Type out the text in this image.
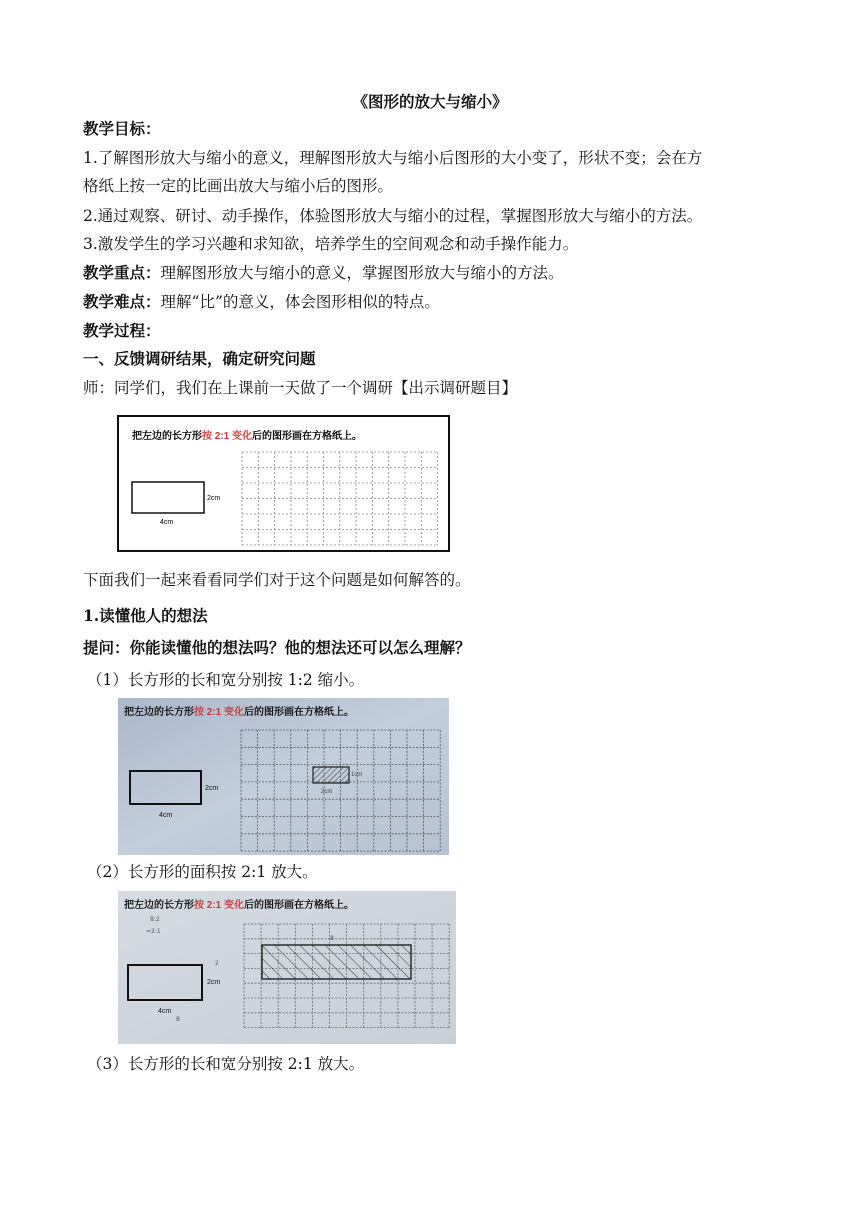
《图形的放大与缩小》
教学目标：
1.了解图形放大与缩小的意义，理解图形放大与缩小后图形的大小变了，形状不变；会在方
格纸上按一定的比画出放大与缩小后的图形。
2.通过观察、研讨、动手操作，体验图形放大与缩小的过程，掌握图形放大与缩小的方法。
3.激发学生的学习兴趣和求知欲，培养学生的空间观念和动手操作能力。
教学重点：理解图形放大与缩小的意义，掌握图形放大与缩小的方法。
教学难点：理解“比”的意义，体会图形相似的特点。
教学过程：
一、反馈调研结果，确定研究问题
师：同学们，我们在上课前一天做了一个调研【出示调研题目】
把左边的长方形按 2:1 变化后的图形画在方格纸上。
2cm
4cm
下面我们一起来看看同学们对于这个问题是如何解答的。
1.读懂他人的想法
提问：你能读懂他的想法吗？他的想法还可以怎么理解？
（1）长方形的长和宽分别按 1:2 缩小。
把左边的长方形按 2:1 变化后的图形画在方格纸上。
2cm
4cm
1cm
2cm
（2）长方形的面积按 2:1 放大。
把左边的长方形按 2:1 变化后的图形画在方格纸上。
8:2
=2:1
2cm
2
4cm
8
8
（3）长方形的长和宽分别按 2:1 放大。
